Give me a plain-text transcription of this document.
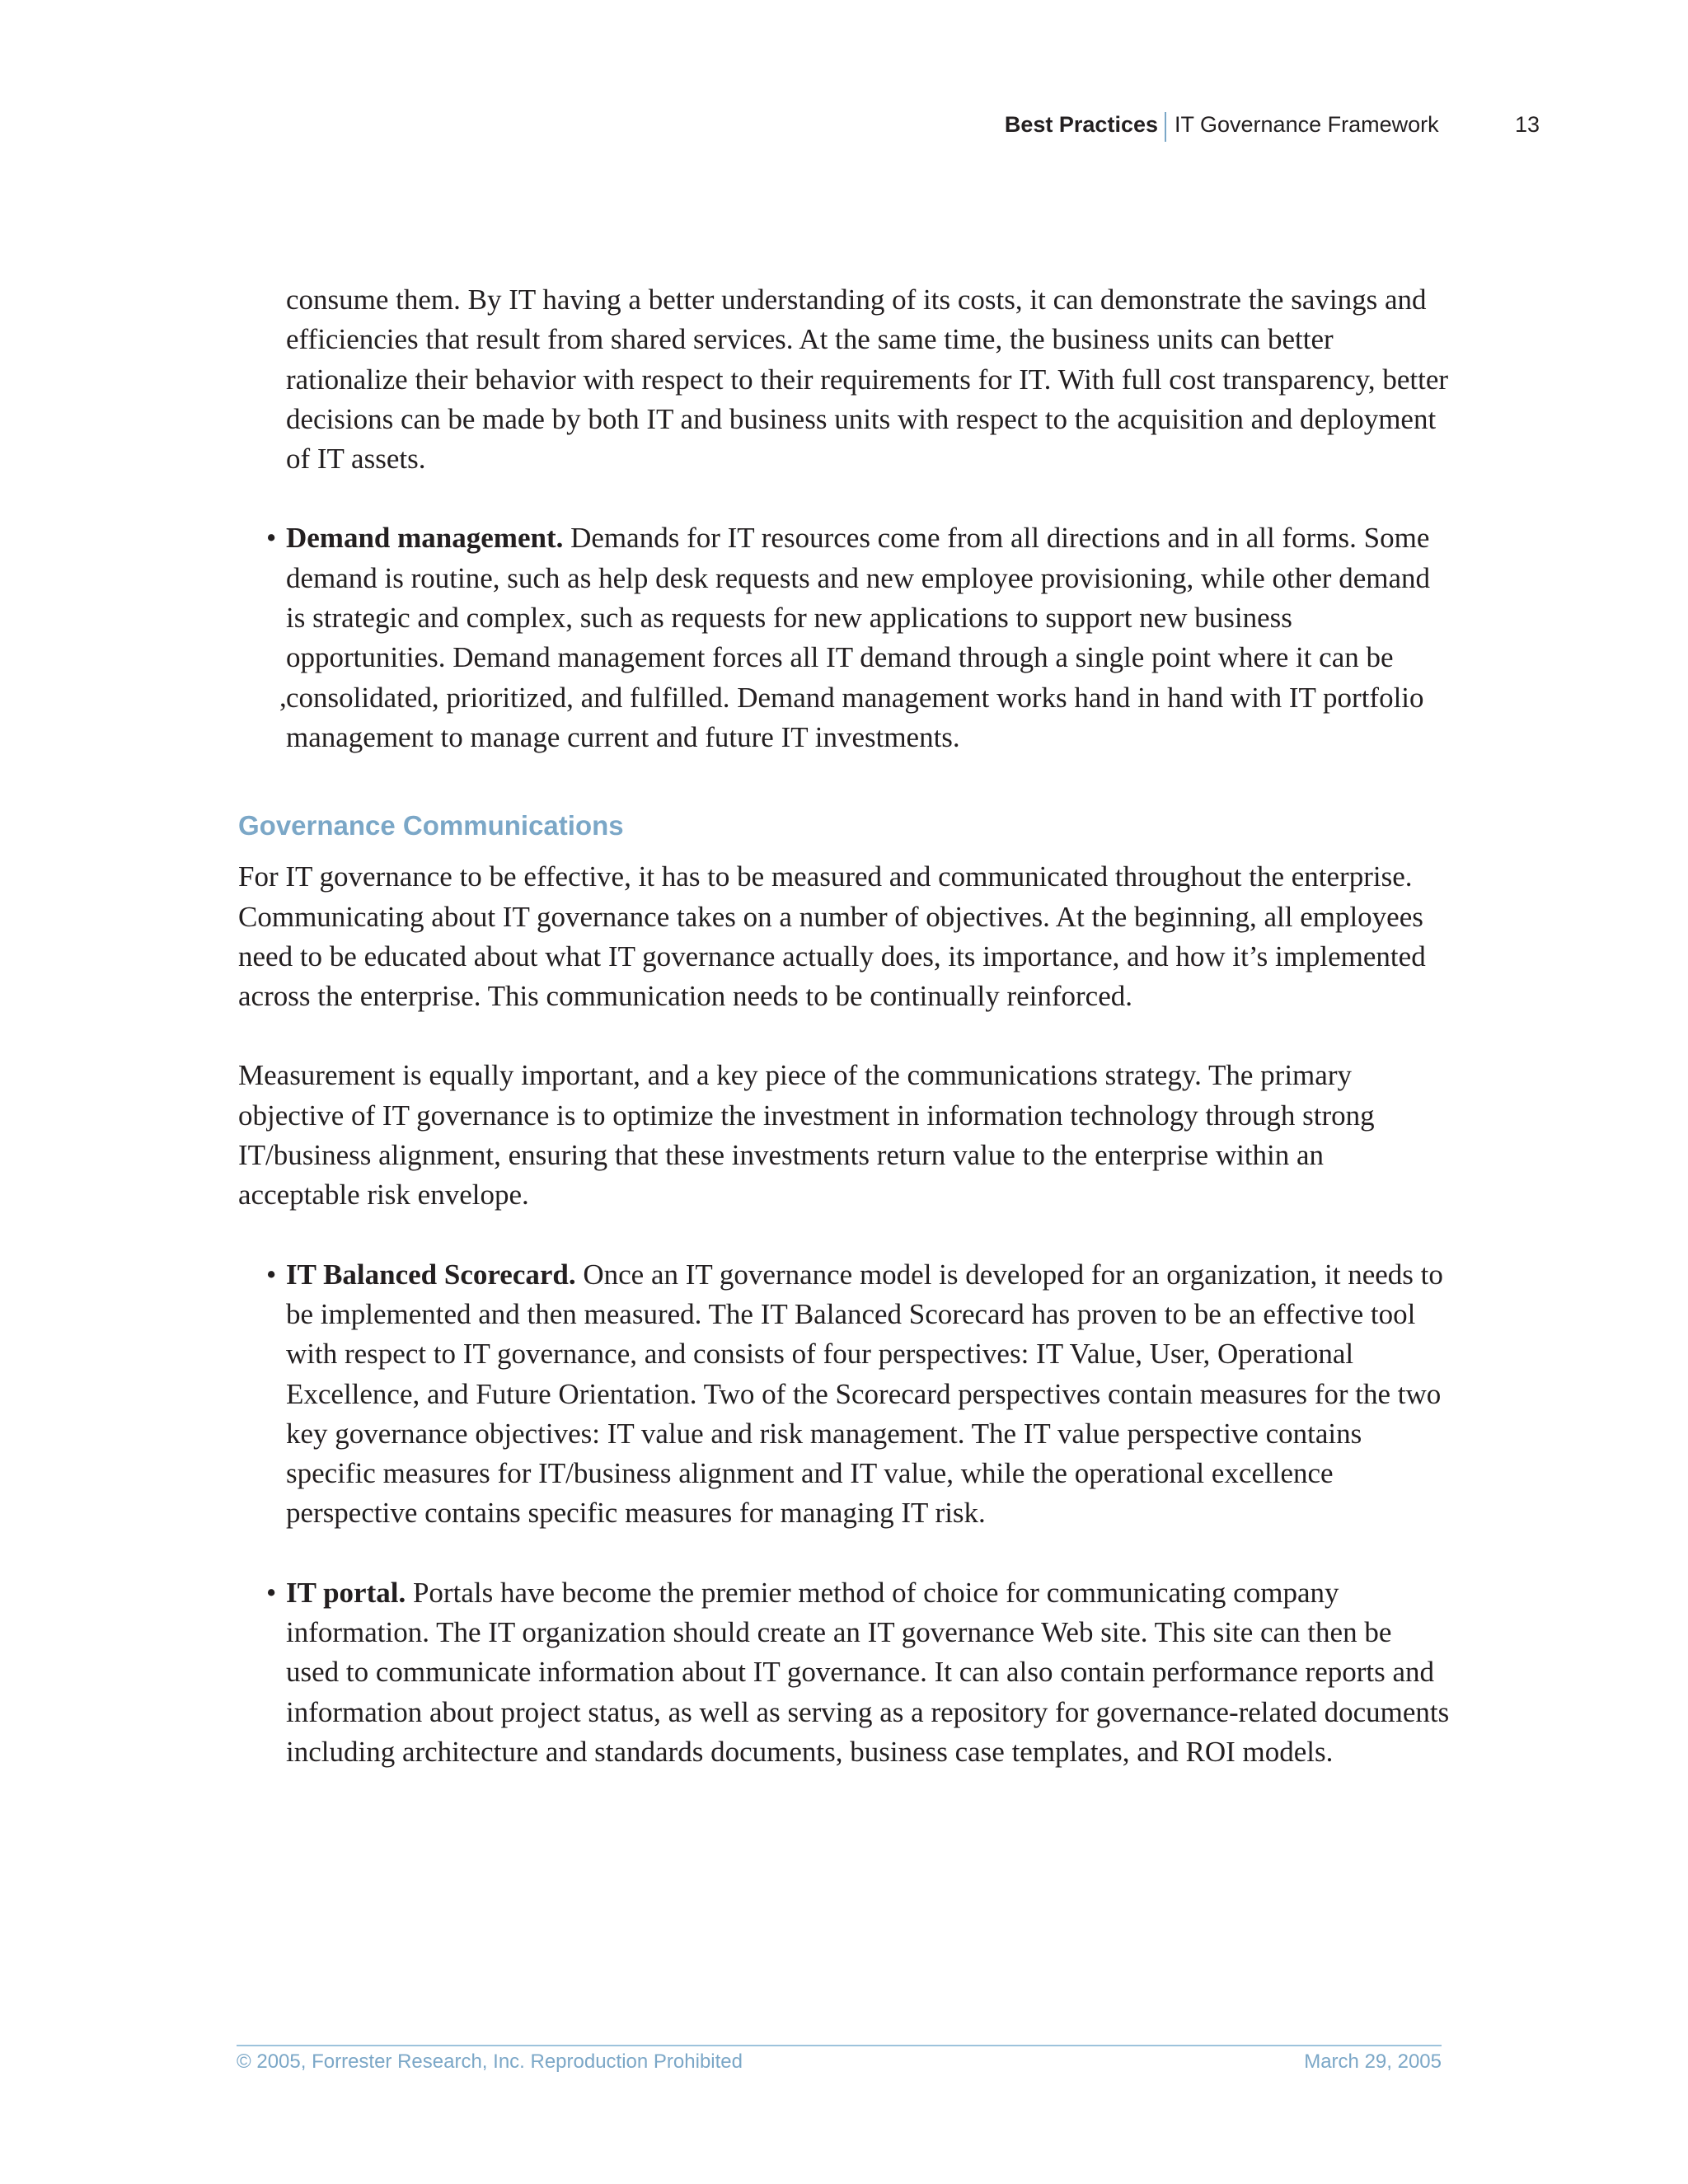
Best Practices IT Governance Framework	13

consume them. By IT having a better understanding of its costs, it can demonstrate the savings and efficiencies that result from shared services. At the same time, the business units can better rationalize their behavior with respect to their requirements for IT. With full cost transparency, better decisions can be made by both IT and business units with respect to the acquisition and deployment of IT assets.

•
,
Demand management. Demands for IT resources come from all directions and in all forms. Some demand is routine, such as help desk requests and new employee provisioning, while other demand is strategic and complex, such as requests for new applications to support new business opportunities. Demand management forces all IT demand through a single point where it can be consolidated, prioritized, and fulfilled. Demand management works hand in hand with IT portfolio management to manage current and future IT investments.
Governance Communications

For IT governance to be effective, it has to be measured and communicated throughout the enterprise. Communicating about IT governance takes on a number of objectives. At the beginning, all employees need to be educated about what IT governance actually does, its importance, and how it’s implemented across the enterprise. This communication needs to be continually reinforced.

Measurement is equally important, and a key piece of the communications strategy. The primary objective of IT governance is to optimize the investment in information technology through strong IT/business alignment, ensuring that these investments return value to the enterprise within an acceptable risk envelope.

• IT Balanced Scorecard. Once an IT governance model is developed for an organization, it needs to be implemented and then measured. The IT Balanced Scorecard has proven to be an effective tool with respect to IT governance, and consists of four perspectives: IT Value, User, Operational Excellence, and Future Orientation. Two of the Scorecard perspectives contain measures for the two key governance objectives: IT value and risk management. The IT value perspective contains specific measures for IT/business alignment and IT value, while the operational excellence perspective contains specific measures for managing IT risk.
• IT portal. Portals have become the premier method of choice for communicating company information. The IT organization should create an IT governance Web site. This site can then be used to communicate information about IT governance. It can also contain performance reports and information about project status, as well as serving as a repository for governance-related documents including architecture and standards documents, business case templates, and ROI models.
© 2005, Forrester Research, Inc. Reproduction Prohibited	March 29, 2005
